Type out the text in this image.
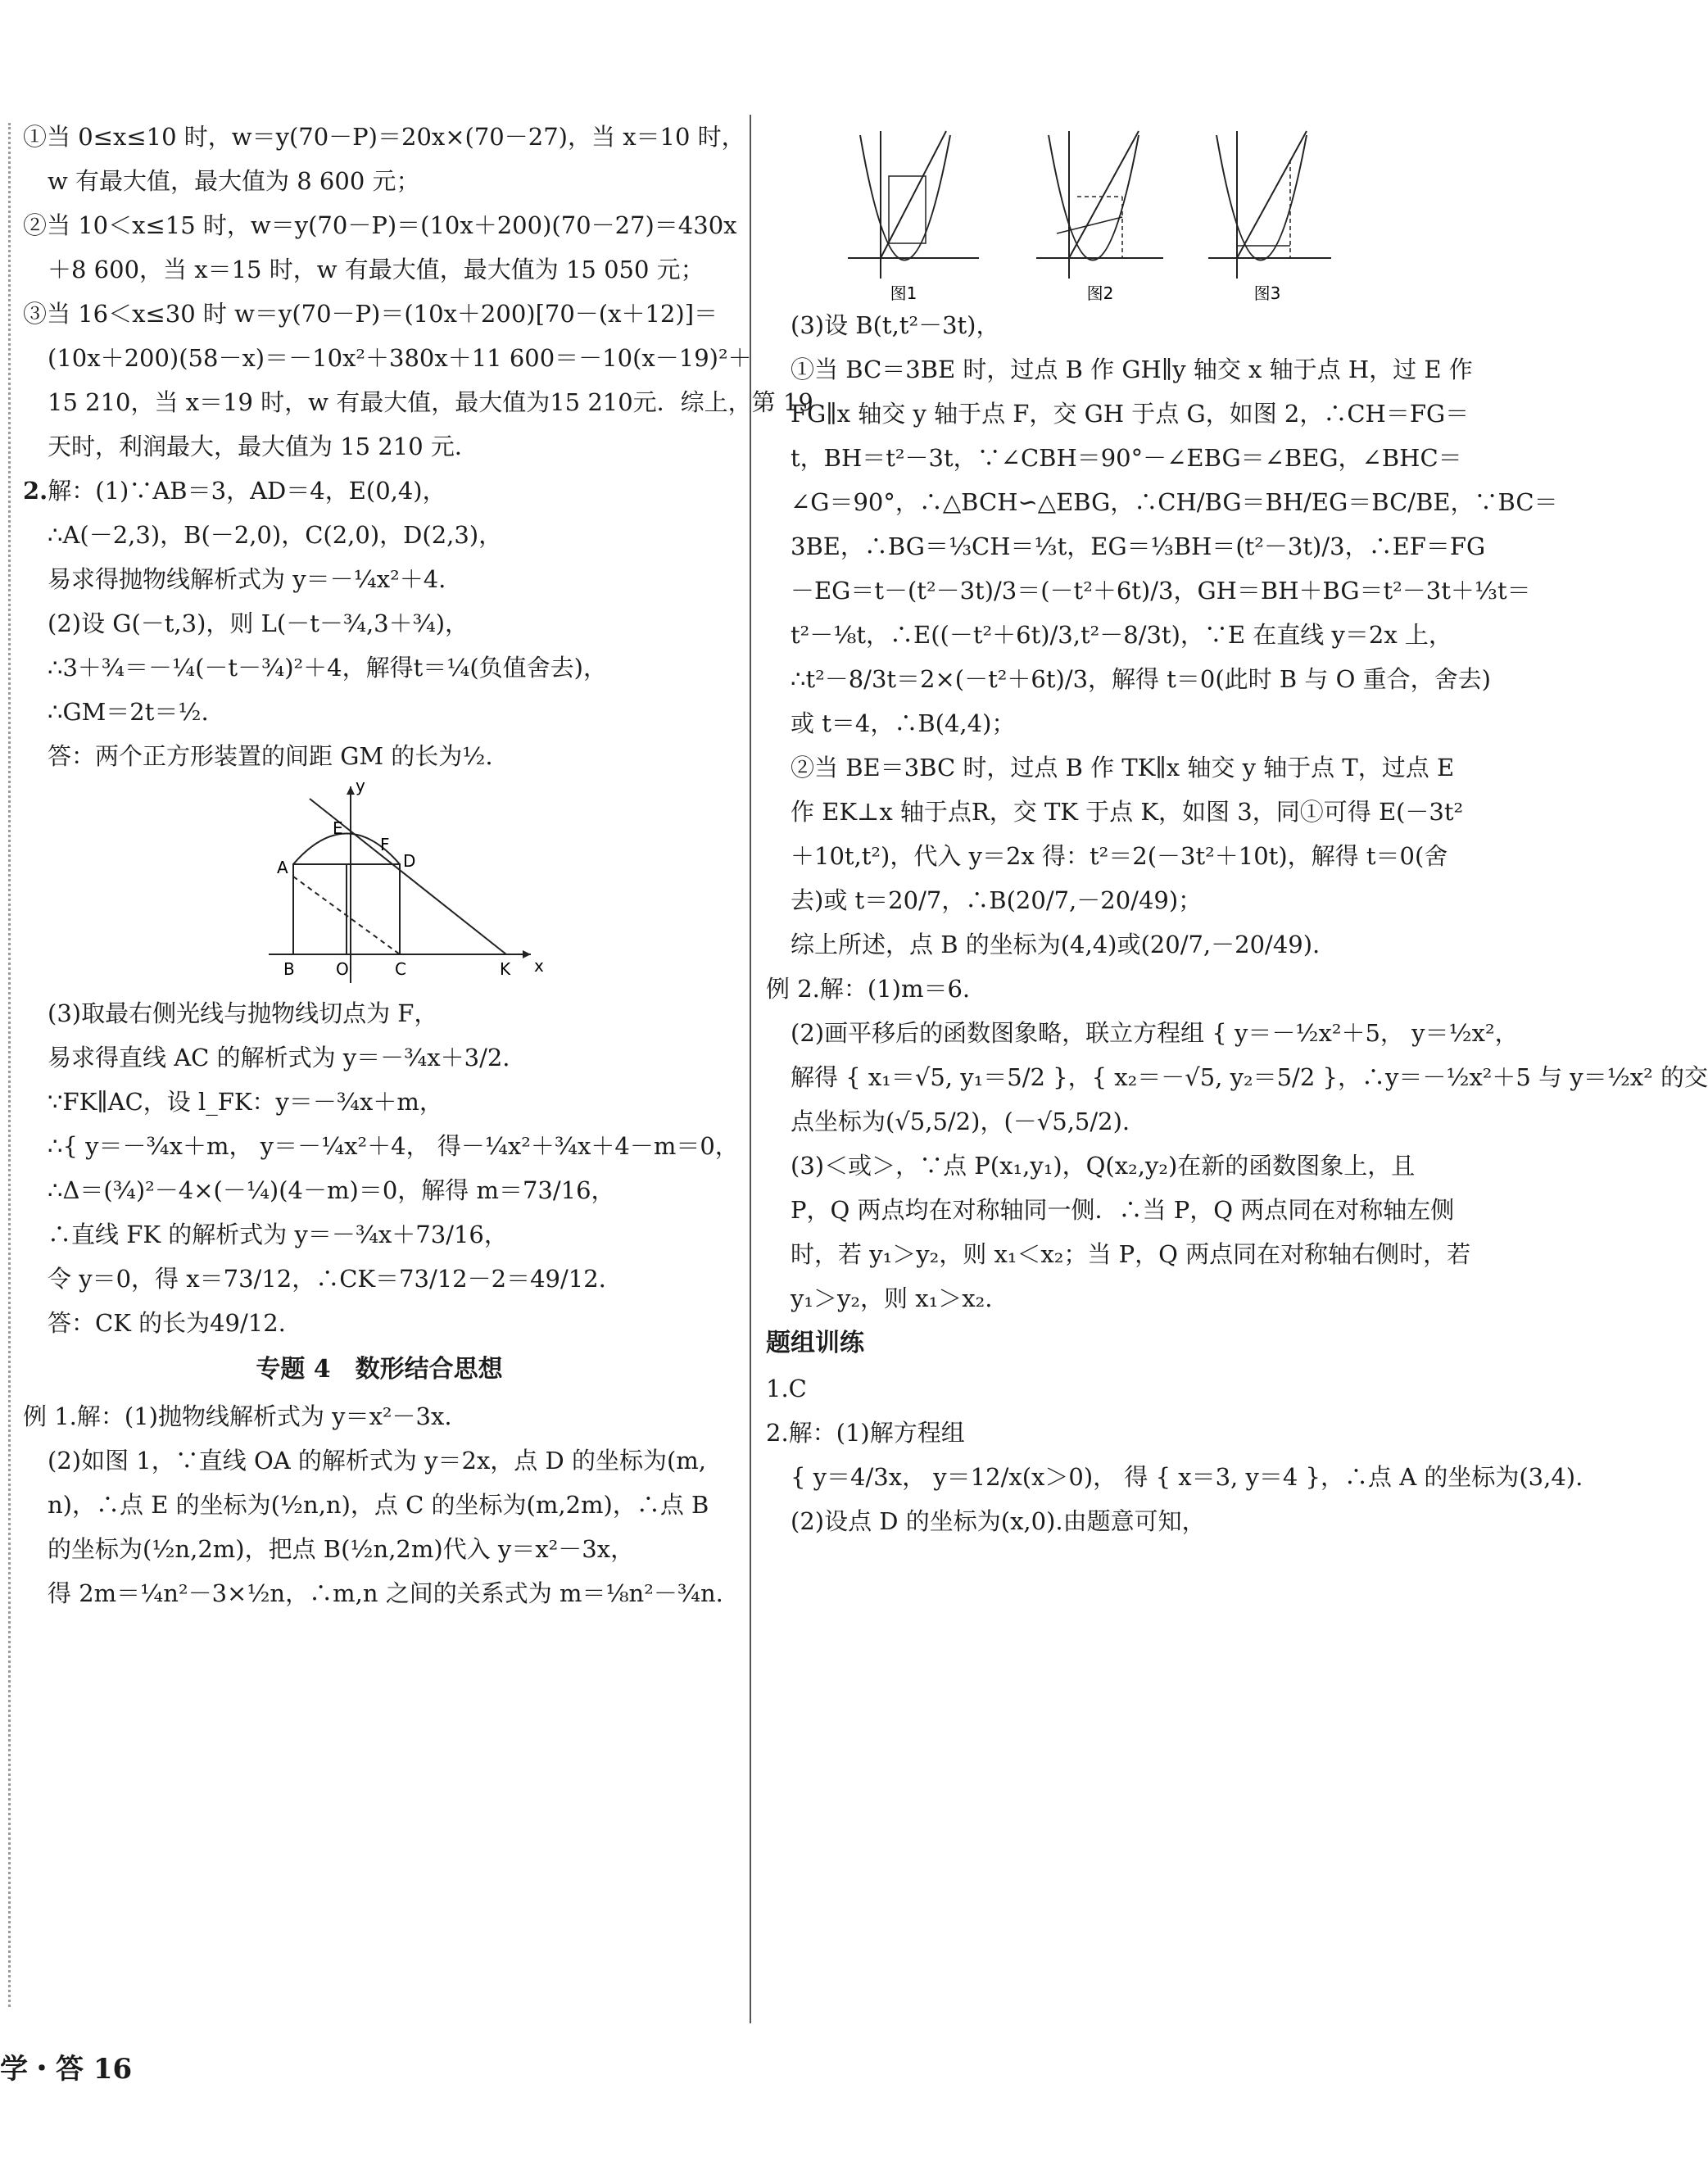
①当 0≤x≤10 时，w＝y(70－P)＝20x×(70－27)，当 x＝10 时，
w 有最大值，最大值为 8 600 元；
②当 10＜x≤15 时，w＝y(70－P)＝(10x＋200)(70－27)＝430x
＋8 600，当 x＝15 时，w 有最大值，最大值为 15 050 元；
③当 16＜x≤30 时 w＝y(70－P)＝(10x＋200)[70－(x＋12)]＝
(10x＋200)(58－x)＝－10x²＋380x＋11 600＝－10(x－19)²＋
15 210，当 x＝19 时，w 有最大值，最大值为15 210元．综上，第 19
天时，利润最大，最大值为 15 210 元．
2.解：(1)∵AB＝3，AD＝4，E(0,4)，
∴A(－2,3)，B(－2,0)，C(2,0)，D(2,3)，
易求得抛物线解析式为 y＝－¼x²＋4.
(2)设 G(－t,3)，则 L(－t－¾,3＋¾)，
∴3＋¾＝－¼(－t－¾)²＋4，解得t＝¼(负值舍去)，
∴GM＝2t＝½.
答：两个正方形装置的间距 GM 的长为½.
y
x
E
F
D
A
B	O	C	K
(3)取最右侧光线与抛物线切点为 F，
易求得直线 AC 的解析式为 y＝－¾x＋3/2.
∵FK∥AC，设 l_FK：y＝－¾x＋m，
∴{ y＝－¾x＋m， y＝－¼x²＋4， 得－¼x²＋¾x＋4－m＝0，
∴Δ＝(¾)²－4×(－¼)(4－m)＝0，解得 m＝73/16，
∴直线 FK 的解析式为 y＝－¾x＋73/16，
令 y＝0，得 x＝73/12，∴CK＝73/12－2＝49/12.
答：CK 的长为49/12.
专题 4　数形结合思想
例 1.解：(1)抛物线解析式为 y＝x²－3x.
(2)如图 1，∵直线 OA 的解析式为 y＝2x，点 D 的坐标为(m,
n)，∴点 E 的坐标为(½n,n)，点 C 的坐标为(m,2m)，∴点 B
的坐标为(½n,2m)，把点 B(½n,2m)代入 y＝x²－3x，
得 2m＝¼n²－3×½n，∴m,n 之间的关系式为 m＝⅛n²－¾n.
图1	图2	图3
(3)设 B(t,t²－3t)，
①当 BC＝3BE 时，过点 B 作 GH∥y 轴交 x 轴于点 H，过 E 作
FG∥x 轴交 y 轴于点 F，交 GH 于点 G，如图 2，∴CH＝FG＝
t，BH＝t²－3t，∵∠CBH＝90°－∠EBG＝∠BEG，∠BHC＝
∠G＝90°，∴△BCH∽△EBG，∴CH/BG＝BH/EG＝BC/BE，∵BC＝
3BE，∴BG＝⅓CH＝⅓t，EG＝⅓BH＝(t²－3t)/3，∴EF＝FG
－EG＝t－(t²－3t)/3＝(－t²＋6t)/3，GH＝BH＋BG＝t²－3t＋⅓t＝
t²－⅛t，∴E((－t²＋6t)/3,t²－8/3t)，∵E 在直线 y＝2x 上，
∴t²－8/3t＝2×(－t²＋6t)/3，解得 t＝0(此时 B 与 O 重合，舍去)
或 t＝4，∴B(4,4)；
②当 BE＝3BC 时，过点 B 作 TK∥x 轴交 y 轴于点 T，过点 E
作 EK⊥x 轴于点R，交 TK 于点 K，如图 3，同①可得 E(－3t²
＋10t,t²)，代入 y＝2x 得：t²＝2(－3t²＋10t)，解得 t＝0(舍
去)或 t＝20/7，∴B(20/7,－20/49)；
综上所述，点 B 的坐标为(4,4)或(20/7,－20/49).
例 2.解：(1)m＝6.
(2)画平移后的函数图象略，联立方程组 { y＝－½x²＋5， y＝½x²，
解得 { x₁＝√5, y₁＝5/2 }，{ x₂＝－√5, y₂＝5/2 }，∴y＝－½x²＋5 与 y＝½x² 的交
点坐标为(√5,5/2)，(－√5,5/2).
(3)＜或＞，∵点 P(x₁,y₁)，Q(x₂,y₂)在新的函数图象上，且
P，Q 两点均在对称轴同一侧．∴当 P，Q 两点同在对称轴左侧
时，若 y₁＞y₂，则 x₁＜x₂；当 P，Q 两点同在对称轴右侧时，若
y₁＞y₂，则 x₁＞x₂.
题组训练
1.C
2.解：(1)解方程组
{ y＝4/3x， y＝12/x(x＞0)， 得 { x＝3, y＝4 }，∴点 A 的坐标为(3,4).
(2)设点 D 的坐标为(x,0).由题意可知，
学・答 16
